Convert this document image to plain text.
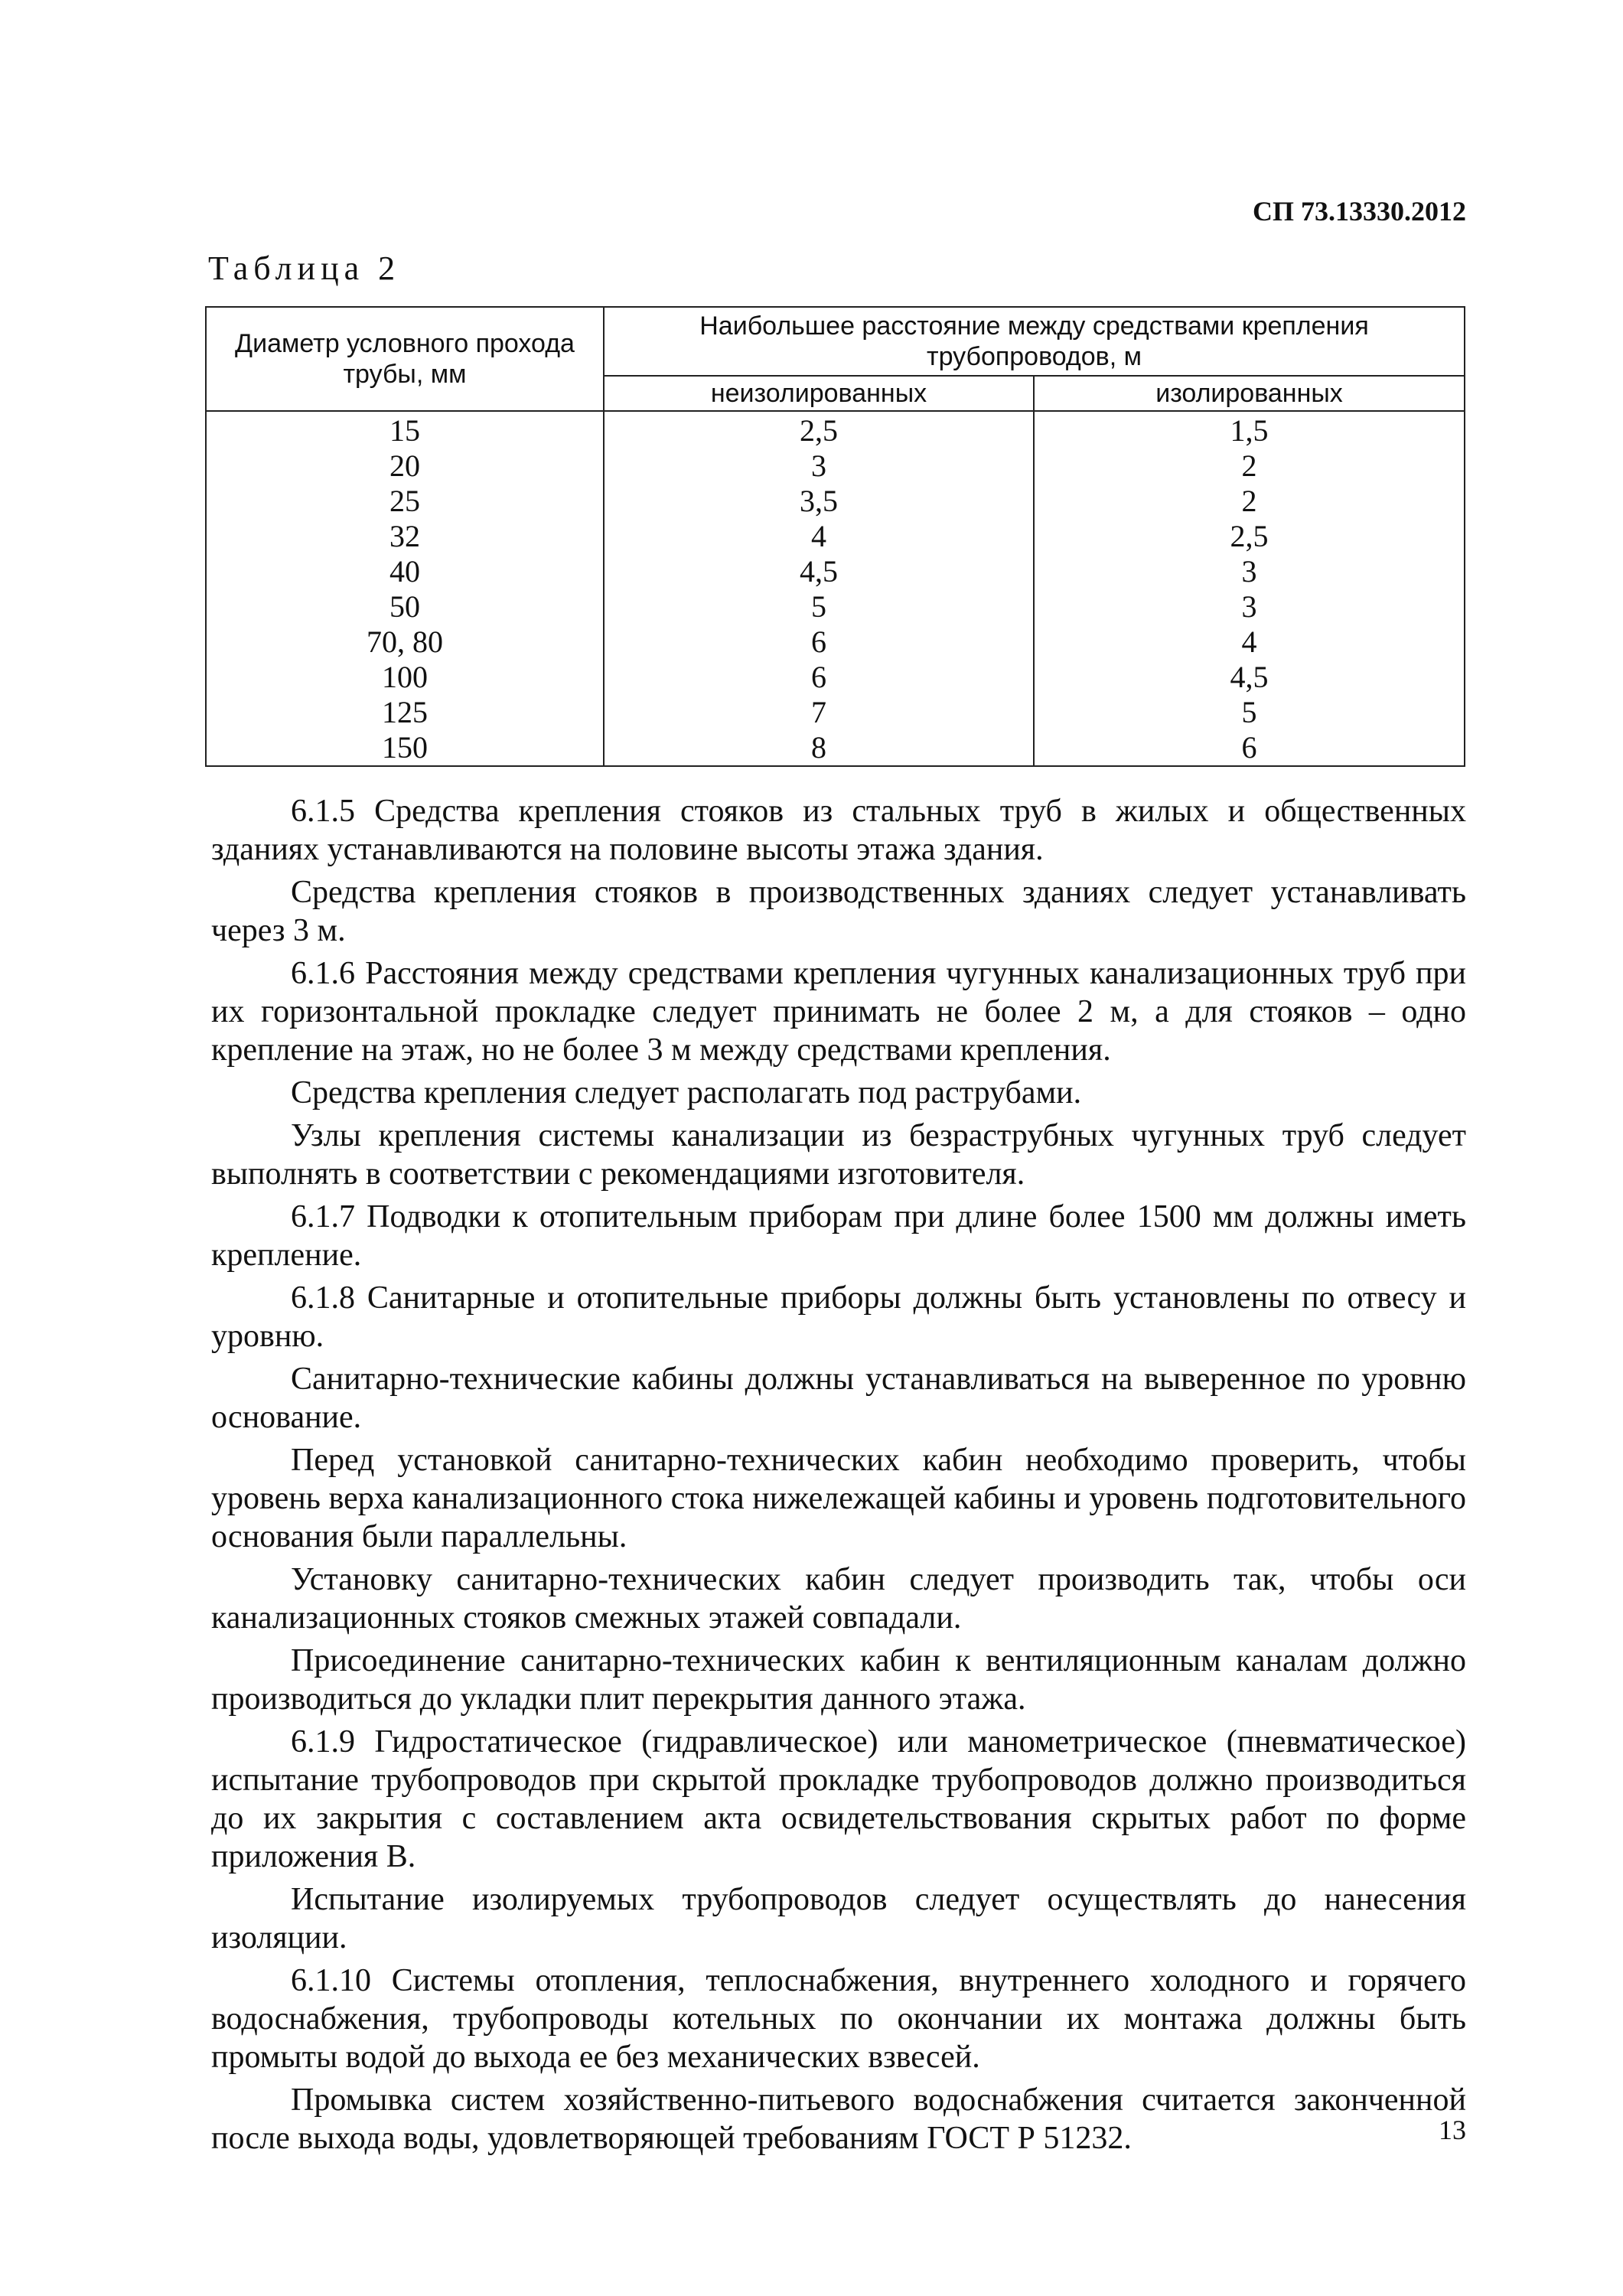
СП 73.13330.2012
Таблица 2
Диаметр условного прохода трубы, мм	Наибольшее расстояние между средствами крепления трубопроводов, м	
	неизолированных	изолированных
15	2,5	1,5
20	3	2
25	3,5	2
32	4	2,5
40	4,5	3
50	5	3
70, 80	6	4
100	6	4,5
125	7	5
150	8	6

6.1.5 Средства крепления стояков из стальных труб в жилых и общественных зданиях устанавливаются на половине высоты этажа здания.

Средства крепления стояков в производственных зданиях следует устанавливать через 3 м.

6.1.6 Расстояния между средствами крепления чугунных канализационных труб при их горизонтальной прокладке следует принимать не более 2 м, а для стояков – одно крепление на этаж, но не более 3 м между средствами крепления.

Средства крепления следует располагать под раструбами.

Узлы крепления системы канализации из безраструбных чугунных труб следует выполнять в соответствии с рекомендациями изготовителя.

6.1.7 Подводки к отопительным приборам при длине более 1500 мм должны иметь крепление.

6.1.8 Санитарные и отопительные приборы должны быть установлены по отвесу и уровню.

Санитарно-технические кабины должны устанавливаться на выверенное по уровню основание.

Перед установкой санитарно-технических кабин необходимо проверить, чтобы уровень верха канализационного стока нижележащей кабины и уровень подготовительного основания были параллельны.

Установку санитарно-технических кабин следует производить так, чтобы оси канализационных стояков смежных этажей совпадали.

Присоединение санитарно-технических кабин к вентиляционным каналам должно производиться до укладки плит перекрытия данного этажа.

6.1.9 Гидростатическое (гидравлическое) или манометрическое (пневматическое) испытание трубопроводов при скрытой прокладке трубопроводов должно производиться до их закрытия с составлением акта освидетельствования скрытых работ по форме приложения В.

Испытание изолируемых трубопроводов следует осуществлять до нанесения изоляции.

6.1.10 Системы отопления, теплоснабжения, внутреннего холодного и горячего водоснабжения, трубопроводы котельных по окончании их монтажа должны быть промыты водой до выхода ее без механических взвесей.

Промывка систем хозяйственно-питьевого водоснабжения считается законченной после выхода воды, удовлетворяющей требованиям ГОСТ Р 51232.	13
